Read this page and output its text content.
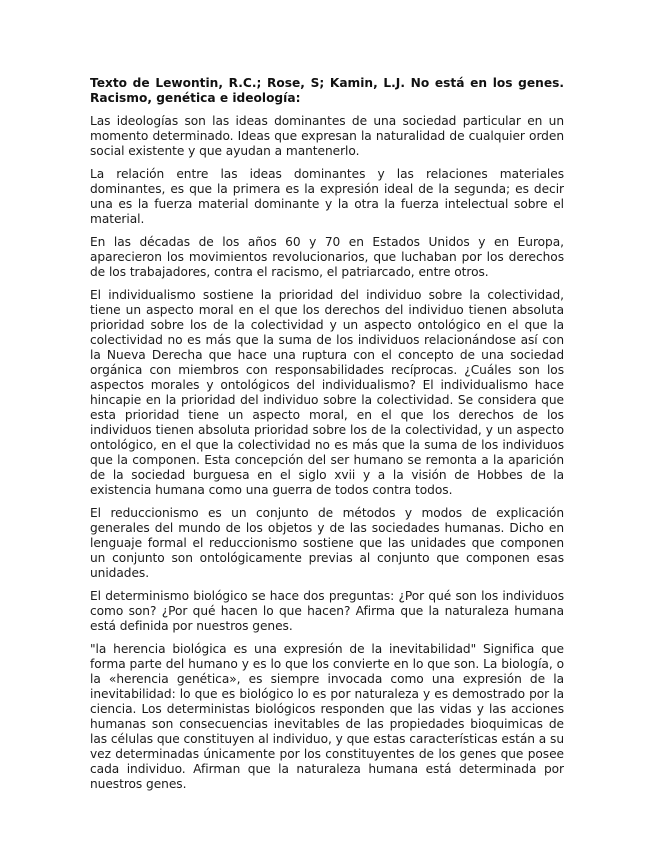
Texto de Lewontin, R.C.; Rose, S; Kamin, L.J. No está en los genes. Racismo, genética e ideología:

Las ideologías son las ideas dominantes de una sociedad particular en un momento determinado. Ideas que expresan la naturalidad de cualquier orden social existente y que ayudan a mantenerlo.

La relación entre las ideas dominantes y las relaciones materiales dominantes, es que la primera es la expresión ideal de la segunda; es decir una es la fuerza material dominante y la otra la fuerza intelectual sobre el material.

En las décadas de los años 60 y 70 en Estados Unidos y en Europa, aparecieron los movimientos revolucionarios, que luchaban por los derechos de los trabajadores, contra el racismo, el patriarcado, entre otros.

El individualismo sostiene la prioridad del individuo sobre la colectividad, tiene un aspecto moral en el que los derechos del individuo tienen absoluta prioridad sobre los de la colectividad y un aspecto ontológico en el que la colectividad no es más que la suma de los individuos relacionándose así con la Nueva Derecha que hace una ruptura con el concepto de una sociedad orgánica con miembros con responsabilidades recíprocas. ¿Cuáles son los aspectos morales y ontológicos del individualismo? El individualismo hace hincapie en la prioridad del individuo sobre la colectividad. Se considera que esta prioridad tiene un aspecto moral, en el que los derechos de los individuos tienen absoluta prioridad sobre los de la colectividad, y un aspecto ontológico, en el que la colectividad no es más que la suma de los individuos que la componen. Esta concepción del ser humano se remonta a la aparición de la sociedad burguesa en el siglo xvii y a la visión de Hobbes de la existencia humana como una guerra de todos contra todos.

El reduccionismo es un conjunto de métodos y modos de explicación generales del mundo de los objetos y de las sociedades humanas. Dicho en lenguaje formal el reduccionismo sostiene que las unidades que componen un conjunto son ontológicamente previas al conjunto que componen esas unidades.

El determinismo biológico se hace dos preguntas: ¿Por qué son los individuos como son? ¿Por qué hacen lo que hacen? Afirma que la naturaleza humana está definida por nuestros genes.

"la herencia biológica es una expresión de la inevitabilidad" Significa que forma parte del humano y es lo que los convierte en lo que son. La biología, o la «herencia genética», es siempre invocada como una expresión de la inevitabilidad: lo que es biológico lo es por naturaleza y es demostrado por la ciencia. Los deterministas biológicos responden que las vidas y las acciones humanas son consecuencias inevitables de las propiedades bioquimicas de las células que constituyen al individuo, y que estas características están a su vez determinadas únicamente por los constituyentes de los genes que posee cada individuo. Afirman que la naturaleza humana está determinada por nuestros genes.
